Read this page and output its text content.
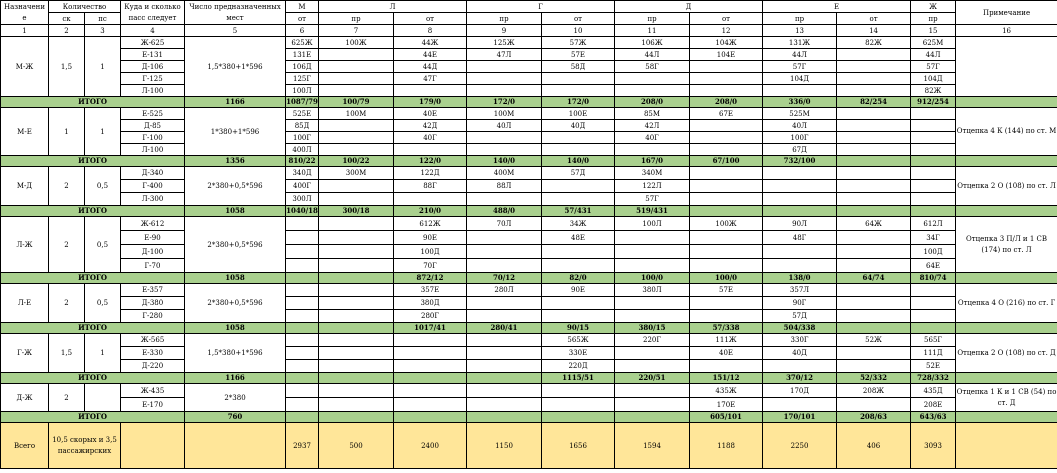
Назначени е	Количество		Куда и сколько пасс следует	Число предназначенных мест	М	Л		Г		Д		Е		Ж	Примечание
	ск	пс			от	пр	от	пр	от	пр	от	пр	от	пр	
1	2	3	4	5	6	7	8	9	10	11	12	13	14	15	16
М-Ж	1,5	1	Ж-625	1,5*380+1*596	625Ж	100Ж	44Ж	125Ж	57Ж	106Ж	104Ж	131Ж	82Ж	625М	
			Е-131		131Е		44Е	47Л	57Е	44Л	104Е	44Л		44Л	
			Д-106		106Д		44Д		58Д	58Г		57Г		57Г	
			Г-125		125Г		47Г					104Д		104Д	
			Л-100		100Л									82Ж	
ИТОГО				1166	1087/79	100/79	179/0	172/0	172/0	208/0	208/0	336/0	82/254	912/254	
М-Е	1	1	Е-525	1*380+1*596	525Е	100М	40Е	100М	100Е	85М	67Е	525М			Отцепка 4 К (144) по ст. М
			Д-85		85Д		42Д	40Л	40Д	42Л		40Л			
			Г-100		100Г		40Г			40Г		100Г			
			Л-100		400Л							67Д			
ИТОГО				1356	810/22	100/22	122/0	140/0	140/0	167/0	67/100	732/100			
М-Д	2	0,5	Д-340	2*380+0,5*596	340Д	300М	122Д	400М	57Д	340М					Отцепка 2 О (108) по ст. Л
			Г-400		400Г		88Г	88Л		122Л					
			Л-300		300Л					57Г					
ИТОГО				1058	1040/18	300/18	210/0	488/0	57/431	519/431					
Л-Ж	2	0,5	Ж-612	2*380+0,5*596			612Ж	70Л	34Ж	100Л	100Ж	90Л	64Ж	612Л	Отцепка 3 П/Л и 1 СВ (174) по ст. Л
			Е-90				90Е		48Е			48Г		34Г	
			Д-100				100Д							100Д	
			Г-70				70Г							64Е	
ИТОГО				1058			872/12	70/12	82/0	100/0	100/0	138/0	64/74	810/74	
Л-Е	2	0,5	Е-357	2*380+0,5*596			357Е	280Л	90Е	380Л	57Е	357Л			Отцепка 4 О (216) по ст. Г
			Д-380				380Д					90Г			
			Г-280				280Г					57Д			
ИТОГО				1058			1017/41	280/41	90/15	380/15	57/338	504/338			
Г-Ж	1,5	1	Ж-565	1,5*380+1*596					565Ж	220Г	111Ж	330Г	52Ж	565Г	Отцепка 2 О (108) по ст. Д
			Е-330						330Е		40Е	40Д		111Д	
			Д-220						220Д					52Е	
ИТОГО				1166					1115/51	220/51	151/12	370/12	52/332	728/332	
Д-Ж	2		Ж-435	2*380							435Ж	170Д	208Ж	435Д	Отцепка 1 К и 1 СВ (54) по ст. Д
			Е-170								170Е			208Е	
ИТОГО				760							605/101	170/101	208/63	643/63	
Всего	10,5 скорых и 3,5 пассажирских				2937	500	2400	1150	1656	1594	1188	2250	406	3093	
